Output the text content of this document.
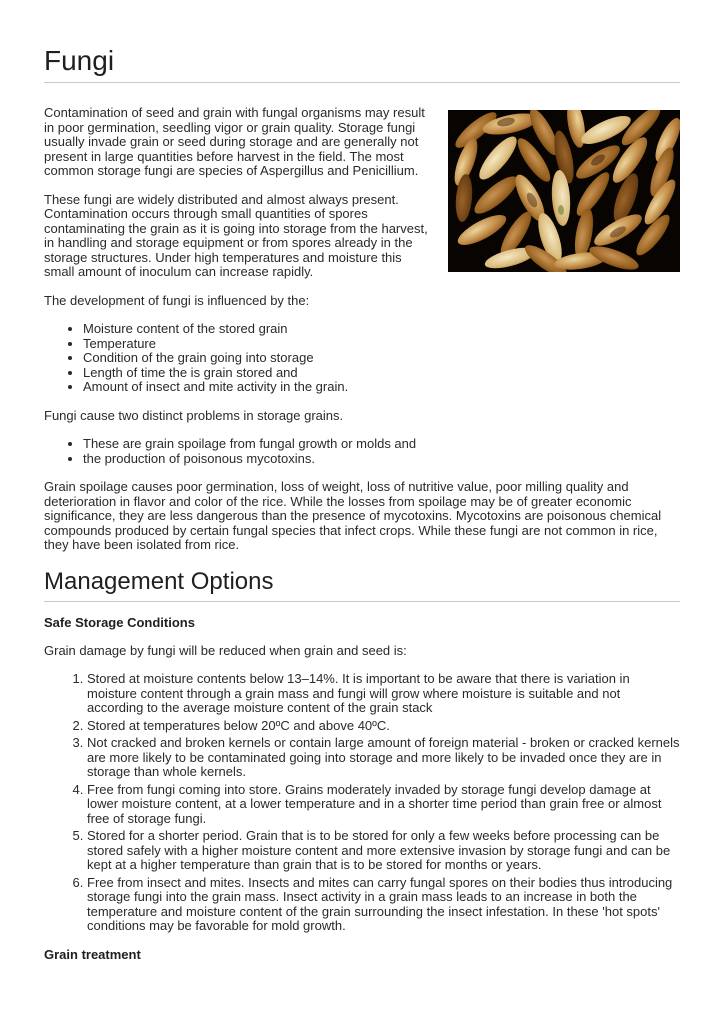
Fungi

Contamination of seed and grain with fungal organisms may result in poor germination, seedling vigor or grain quality. Storage fungi usually invade grain or seed during storage and are generally not present in large quantities before harvest in the field. The most common storage fungi are species of Aspergillus and Penicillium.

These fungi are widely distributed and almost always present. Contamination occurs through small quantities of spores contaminating the grain as it is going into storage from the harvest, in handling and storage equipment or from spores already in the storage structures. Under high temperatures and moisture this small amount of inoculum can increase rapidly.

The development of fungi is influenced by the:

• Moisture content of the stored grain
• Temperature
• Condition of the grain going into storage
• Length of time the is grain stored and
• Amount of insect and mite activity in the grain.

Fungi cause two distinct problems in storage grains.

• These are grain spoilage from fungal growth or molds and
• the production of poisonous mycotoxins.

Grain spoilage causes poor germination, loss of weight, loss of nutritive value, poor milling quality and deterioration in flavor and color of the rice. While the losses from spoilage may be of greater economic significance, they are less dangerous than the presence of mycotoxins. Mycotoxins are poisonous chemical compounds produced by certain fungal species that infect crops. While these fungi are not common in rice, they have been isolated from rice.

Management Options

Safe Storage Conditions

Grain damage by fungi will be reduced when grain and seed is:

1. Stored at moisture contents below 13–14%. It is important to be aware that there is variation in moisture content through a grain mass and fungi will grow where moisture is suitable and not according to the average moisture content of the grain stack
2. Stored at temperatures below 20ºC and above 40ºC.
3. Not cracked and broken kernels or contain large amount of foreign material - broken or cracked kernels are more likely to be contaminated going into storage and more likely to be invaded once they are in storage than whole kernels.
4. Free from fungi coming into store. Grains moderately invaded by storage fungi develop damage at lower moisture content, at a lower temperature and in a shorter time period than grain free or almost free of storage fungi.
5. Stored for a shorter period. Grain that is to be stored for only a few weeks before processing can be stored safely with a higher moisture content and more extensive invasion by storage fungi and can be kept at a higher temperature than grain that is to be stored for months or years.
6. Free from insect and mites. Insects and mites can carry fungal spores on their bodies thus introducing storage fungi into the grain mass. Insect activity in a grain mass leads to an increase in both the temperature and moisture content of the grain surrounding the insect infestation. In these 'hot spots' conditions may be favorable for mold growth.

Grain treatment
